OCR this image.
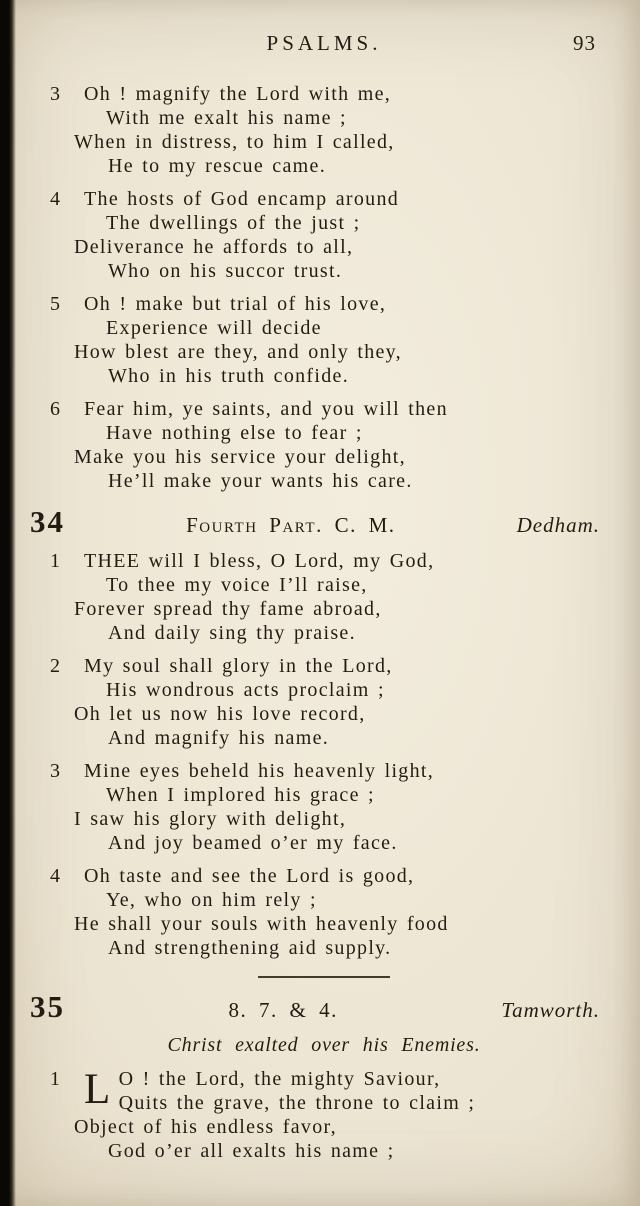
PSALMS.	93
3	Oh ! magnify the Lord with me,
With me exalt his name ;
When in distress, to him I called,
He to my rescue came.
4	The hosts of God encamp around
The dwellings of the just ;
Deliverance he affords to all,
Who on his succor trust.
5	Oh ! make but trial of his love,
Experience will decide
How blest are they, and only they,
Who in his truth confide.
6	Fear him, ye saints, and you will then
Have nothing else to fear ;
Make you his service your delight,
He’ll make your wants his care.
34	Fourth Part. C. M.	Dedham.
1	THEE will I bless, O Lord, my God,
To thee my voice I’ll raise,
Forever spread thy fame abroad,
And daily sing thy praise.
2	My soul shall glory in the Lord,
His wondrous acts proclaim ;
Oh let us now his love record,
And magnify his name.
3	Mine eyes beheld his heavenly light,
When I implored his grace ;
I saw his glory with delight,
And joy beamed o’er my face.
4	Oh taste and see the Lord is good,
Ye, who on him rely ;
He shall your souls with heavenly food
And strengthening aid supply.
35	8. 7. & 4.	Tamworth.
Christ exalted over his Enemies.
1 L O ! the Lord, the mighty Saviour,
Quits the grave, the throne to claim ;
Object of his endless favor,
God o’er all exalts his name ;
